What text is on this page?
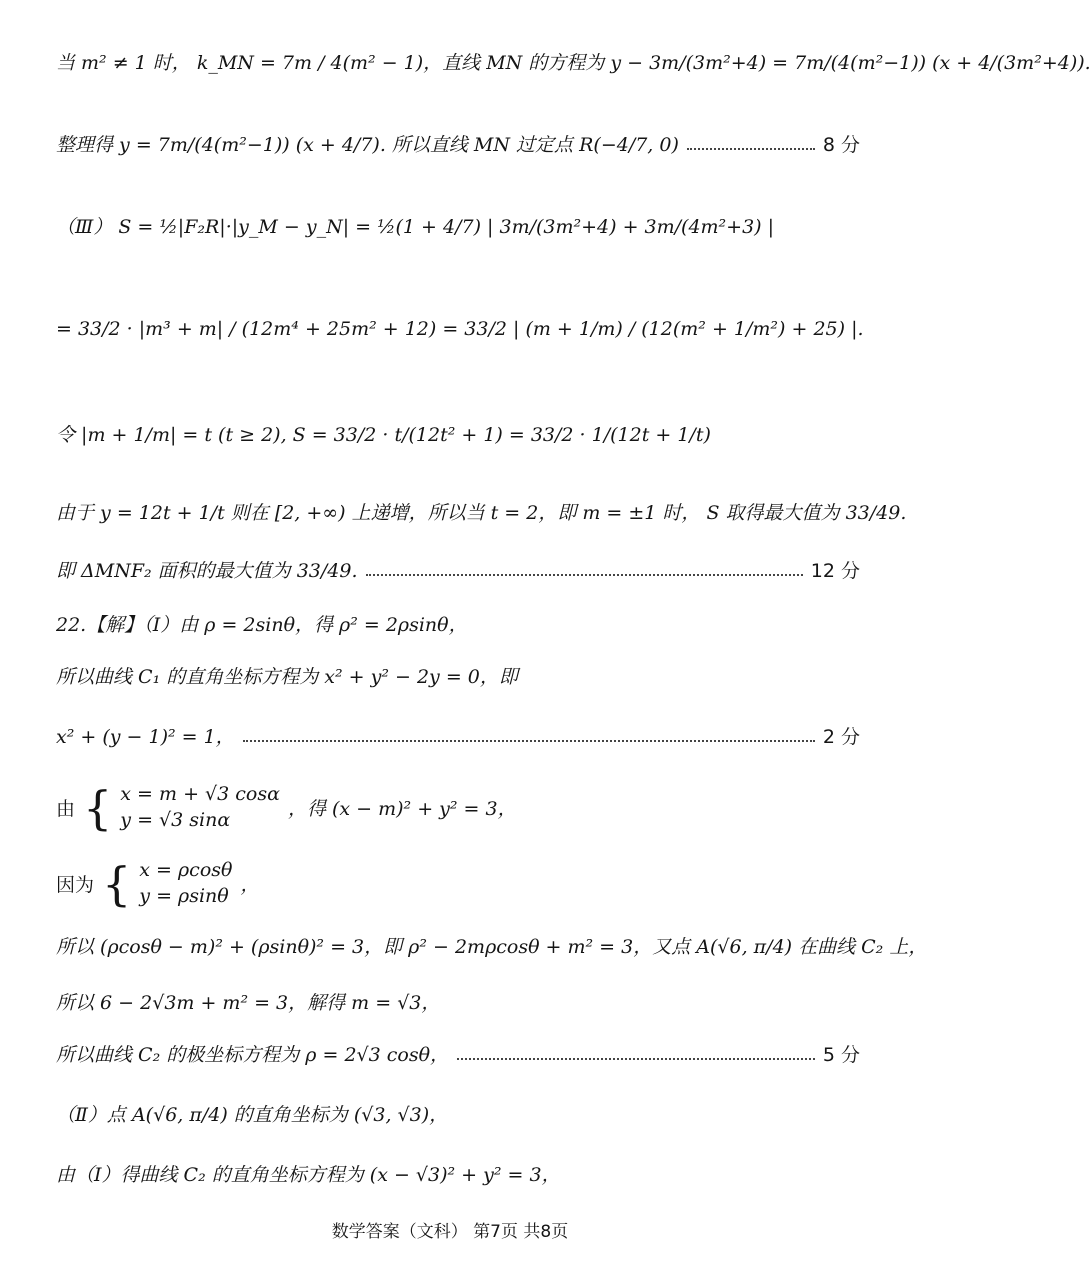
当 m² ≠ 1 时， k_MN = 7m / 4(m² − 1)，直线 MN 的方程为 y − 3m/(3m²+4) = 7m/(4(m²−1)) (x + 4/(3m²+4)).
整理得 y = 7m/(4(m²−1)) (x + 4/7). 所以直线 MN 过定点 R(−4/7, 0)	8 分
（Ⅲ） S = ½|F₂R|·|y_M − y_N| = ½(1 + 4/7) | 3m/(3m²+4) + 3m/(4m²+3) |
= 33/2 · |m³ + m| / (12m⁴ + 25m² + 12) = 33/2 | (m + 1/m) / (12(m² + 1/m²) + 25) |.
令 |m + 1/m| = t (t ≥ 2), S = 33/2 · t/(12t² + 1) = 33/2 · 1/(12t + 1/t)
由于 y = 12t + 1/t 则在 [2, +∞) 上递增，所以当 t = 2，即 m = ±1 时， S 取得最大值为 33/49.
即 ΔMNF₂ 面积的最大值为 33/49.	12 分
22.【解】（Ⅰ）由 ρ = 2sinθ，得 ρ² = 2ρsinθ，
所以曲线 C₁ 的直角坐标方程为 x² + y² − 2y = 0，即
x² + (y − 1)² = 1，	2 分
由 { x = m + √3 cosα
y = √3 sinα	，得 (x − m)² + y² = 3，
因为 { x = ρcosθ
y = ρsinθ ，
所以 (ρcosθ − m)² + (ρsinθ)² = 3，即 ρ² − 2mρcosθ + m² = 3，又点 A(√6, π/4) 在曲线 C₂ 上，
所以 6 − 2√3m + m² = 3，解得 m = √3，
所以曲线 C₂ 的极坐标方程为 ρ = 2√3 cosθ，	5 分
（Ⅱ）点 A(√6, π/4) 的直角坐标为 (√3, √3)，
由（Ⅰ）得曲线 C₂ 的直角坐标方程为 (x − √3)² + y² = 3，
数学答案（文科） 第7页 共8页
